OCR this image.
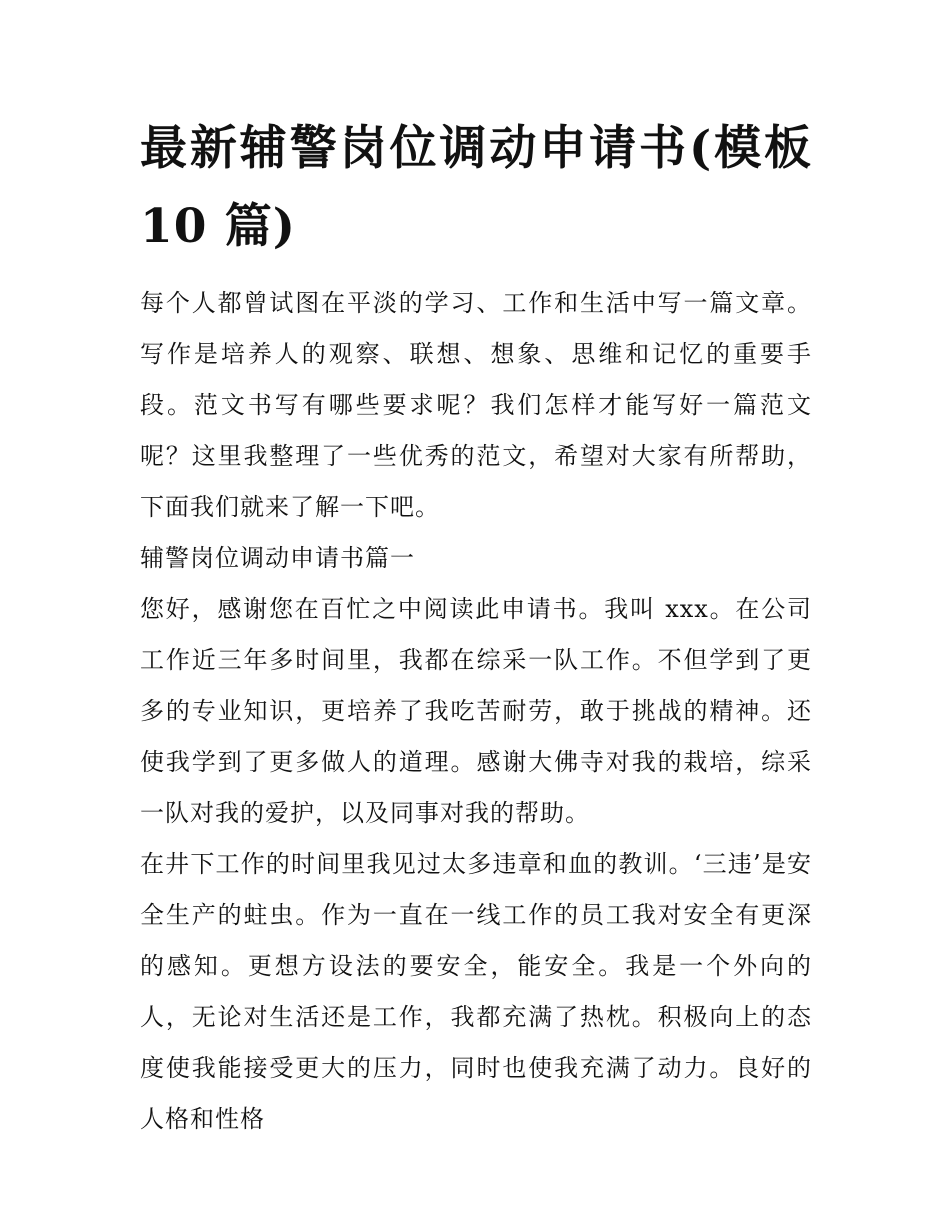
最新辅警岗位调动申请书(模板10 篇)

每个人都曾试图在平淡的学习、工作和生活中写一篇文章。写作是培养人的观察、联想、想象、思维和记忆的重要手段。范文书写有哪些要求呢？我们怎样才能写好一篇范文呢？这里我整理了一些优秀的范文，希望对大家有所帮助，下面我们就来了解一下吧。

辅警岗位调动申请书篇一

您好，感谢您在百忙之中阅读此申请书。我叫 xxx。在公司工作近三年多时间里，我都在综采一队工作。不但学到了更多的专业知识，更培养了我吃苦耐劳，敢于挑战的精神。还使我学到了更多做人的道理。感谢大佛寺对我的栽培，综采一队对我的爱护，以及同事对我的帮助。

在井下工作的时间里我见过太多违章和血的教训。‘三违’是安全生产的蛀虫。作为一直在一线工作的员工我对安全有更深的感知。更想方设法的要安全，能安全。我是一个外向的人，无论对生活还是工作，我都充满了热枕。积极向上的态度使我能接受更大的压力，同时也使我充满了动力。良好的人格和性格
